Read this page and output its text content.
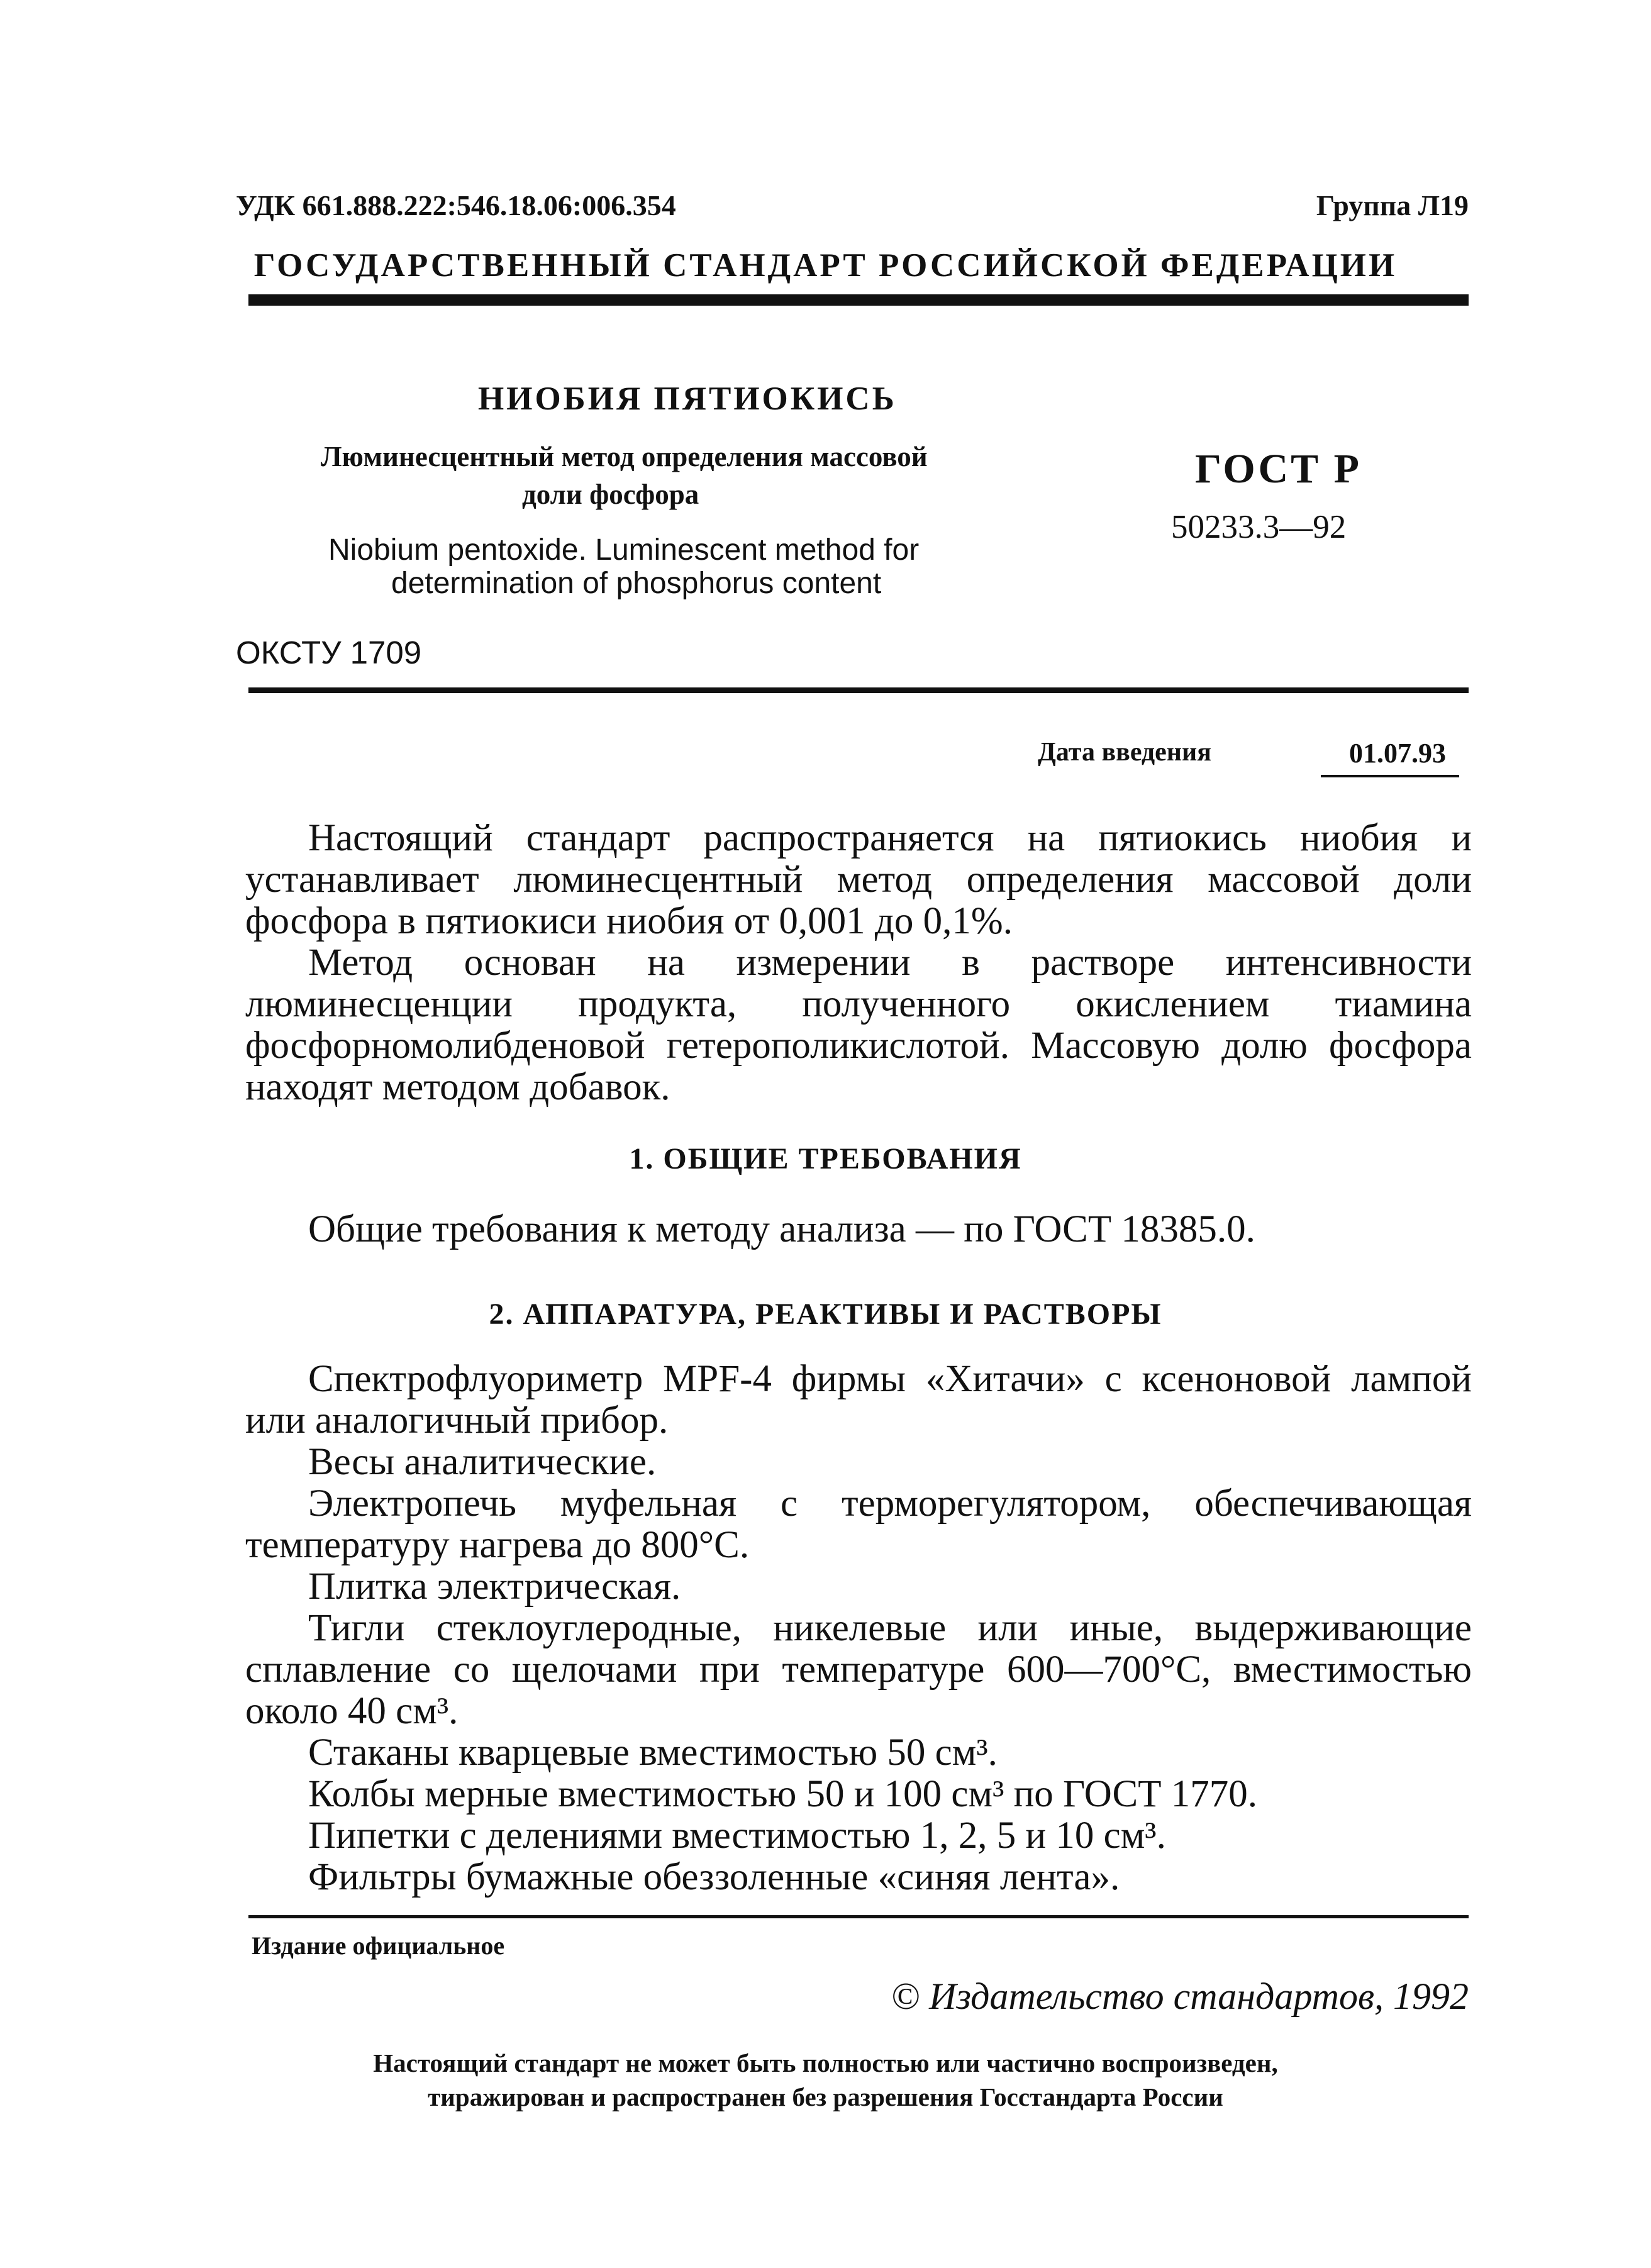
УДК 661.888.222:546.18.06:006.354	Группа Л19
ГОСУДАРСТВЕННЫЙ СТАНДАРТ РОССИЙСКОЙ ФЕДЕРАЦИИ
НИОБИЯ ПЯТИОКИСЬ
Люминесцентный метод определения массовой
доли фосфора
Niobium pentoxide. Luminescent method for
determination of phosphorus content
ГОСТ Р
50233.3—92
ОКСТУ 1709
Дата введения	01.07.93

Настоящий стандарт распространяется на пятиокись ниобия и устанавливает люминесцентный метод определения массовой доли фосфора в пятиокиси ниобия от 0,001 до 0,1%.

Метод основан на измерении в растворе интенсивности люминесценции продукта, полученного окислением тиамина фосфорномолибденовой гетерополикислотой. Массовую долю фосфора находят методом добавок.

1. ОБЩИЕ ТРЕБОВАНИЯ
Общие требования к методу анализа — по ГОСТ 18385.0.
2. АППАРАТУРА, РЕАКТИВЫ И РАСТВОРЫ

Спектрофлуориметр MPF-4 фирмы «Хитачи» с ксеноновой лампой или аналогичный прибор.

Весы аналитические.

Электропечь муфельная с терморегулятором, обеспечивающая температуру нагрева до 800°С.

Плитка электрическая.

Тигли стеклоуглеродные, никелевые или иные, выдерживающие сплавление со щелочами при температуре 600—700°С, вместимостью около 40 см³.

Стаканы кварцевые вместимостью 50 см³.

Колбы мерные вместимостью 50 и 100 см³ по ГОСТ 1770.

Пипетки с делениями вместимостью 1, 2, 5 и 10 см³.

Фильтры бумажные обеззоленные «синяя лента».

Издание официальное
© Издательство стандартов, 1992
Настоящий стандарт не может быть полностью или частично воспроизведен,
тиражирован и распространен без разрешения Госстандарта России
